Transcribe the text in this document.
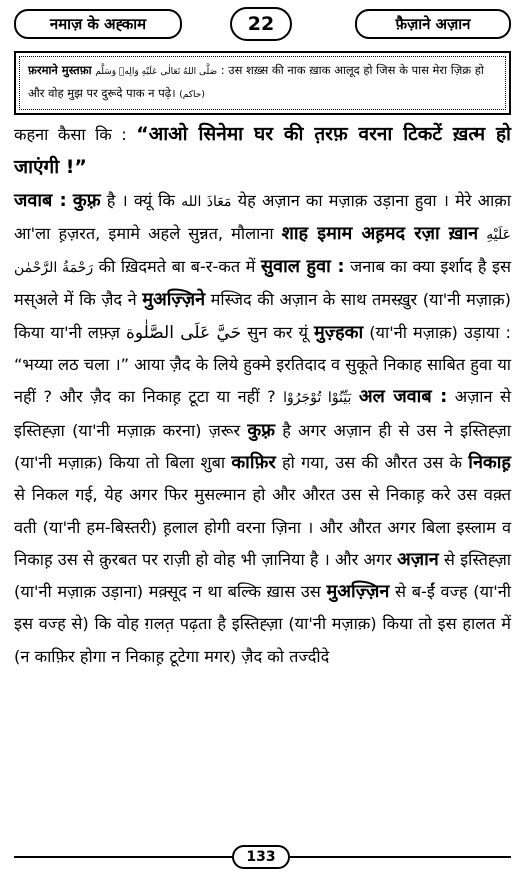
नमाज़ के अह्काम	22	फ़ैज़ाने अज़ान
फ़रमाने मुस्तफ़ा صَلَّى اللهُ تَعَالٰى عَلَيْهِ وَالِهٖ وَسَلَّم : उस शख़्स की नाक ख़ाक आलूद हो जिस के पास मेरा ज़िक्र हो और वोह मुझ पर दुरूदे पाक न पढ़े। (حاکم)

कहना कैसा कि : “आओ सिनेमा घर की त़रफ़ वरना टिकटें ख़त्म हो जाएंगी !”

जवाब : कुफ़्र है । क्यूं कि مَعَاذَ الله येह अज़ान का मज़ाक़ उड़ाना हुवा । मेरे आक़ा आ'ला ह़ज़रत, इमामे अहले सुन्नत, मौलाना शाह इमाम अह़मद रज़ा ख़ान عَلَيْهِ رَحْمَةُ الرَّحْمٰن की ख़िदमते बा ब-र-कत में सुवाल हुवा : जनाब का क्या इर्शाद है इस मस्अले में कि ज़ैद ने मुअज़्ज़िने मस्जिद की अज़ान के साथ तमस्ख़ुर (या'नी मज़ाक़) किया या'नी लफ़्ज़ حَيَّ عَلَى الصَّلٰوة सुन कर यूं मुज़्हका (या'नी मज़ाक़) उड़ाया : “भय्या लठ चला ।” आया ज़ैद के लिये हुक्मे इरतिदाद व सुकूते निकाह साबित हुवा या नहीं ? और ज़ैद का निकाह़ टूटा या नहीं ? بَیِّنُوْا تُوْجَرُوْا अल जवाब : अज़ान से इस्तिह्ज़ा (या'नी मज़ाक़ करना) ज़रूर कुफ़्र है अगर अज़ान ही से उस ने इस्तिह्ज़ा (या'नी मज़ाक़) किया तो बिला शुबा काफ़िर हो गया, उस की औरत उस के निकाह़ से निकल गई, येह अगर फिर मुसल्मान हो और औरत उस से निकाह़ करे उस वक़्त वती (या'नी हम-बिस्तरी) ह़लाल होगी वरना ज़िना । और औरत अगर बिला इस्लाम व निकाह़ उस से क़ुरबत पर राज़ी हो वोह भी ज़ानिया है । और अगर अज़ान से इस्तिह्ज़ा (या'नी मज़ाक़ उड़ाना) मक़्सूद न था बल्कि ख़ास उस मुअज़्ज़िन से ब-ईं वज्ह (या'नी इस वज्ह से) कि वोह ग़लत़ पढ़ता है इस्तिह्ज़ा (या'नी मज़ाक़) किया तो इस हालत में (न काफ़िर होगा न निकाह़ टूटेगा मगर) ज़ैद को तज्दीदे

133
